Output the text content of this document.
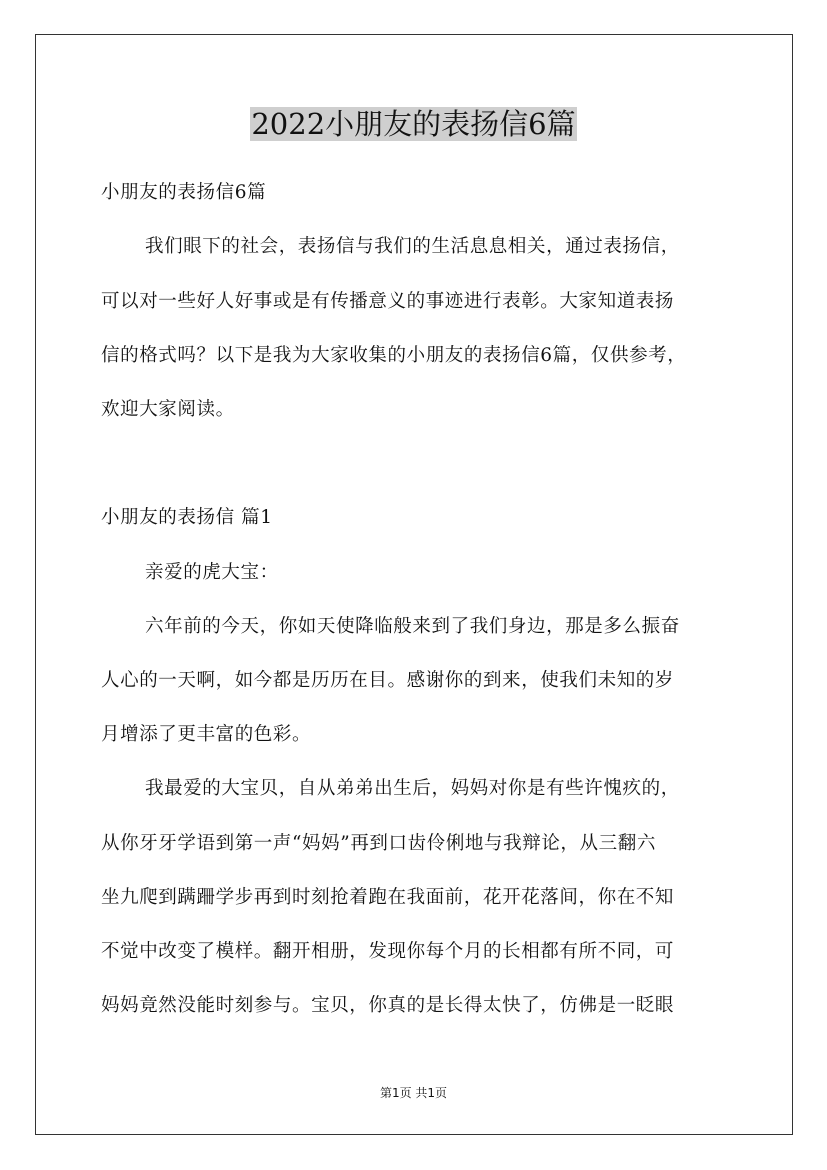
2022小朋友的表扬信6篇
小朋友的表扬信6篇
我们眼下的社会，表扬信与我们的生活息息相关，通过表扬信，
可以对一些好人好事或是有传播意义的事迹进行表彰。大家知道表扬
信的格式吗？以下是我为大家收集的小朋友的表扬信6篇，仅供参考，
欢迎大家阅读。
小朋友的表扬信 篇1
亲爱的虎大宝：
六年前的今天，你如天使降临般来到了我们身边，那是多么振奋
人心的一天啊，如今都是历历在目。感谢你的到来，使我们未知的岁
月增添了更丰富的色彩。
我最爱的大宝贝，自从弟弟出生后，妈妈对你是有些许愧疚的，
从你牙牙学语到第一声“妈妈”再到口齿伶俐地与我辩论，从三翻六
坐九爬到蹒跚学步再到时刻抢着跑在我面前，花开花落间，你在不知
不觉中改变了模样。翻开相册，发现你每个月的长相都有所不同，可
妈妈竟然没能时刻参与。宝贝，你真的是长得太快了，仿佛是一眨眼
第1页 共1页
